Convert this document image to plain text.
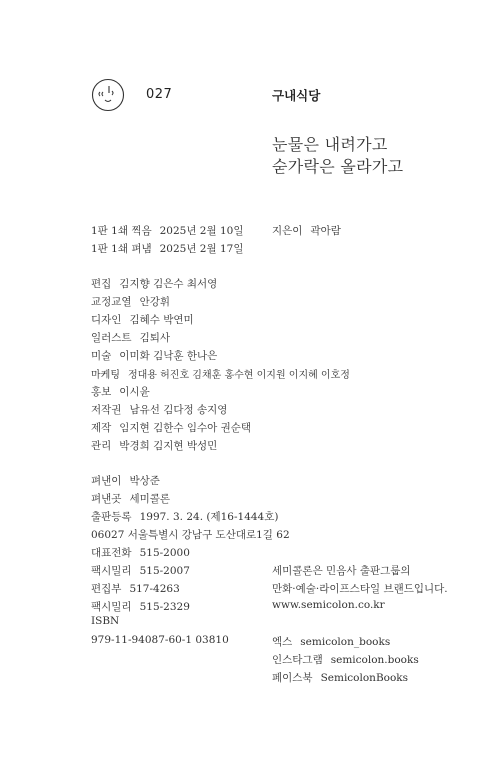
027	구내식당
눈물은 내려가고
숟가락은 올라가고
1판 1쇄 찍음 2025년 2월 10일
1판 1쇄 펴냄 2025년 2월 17일
지은이 곽아람
편집 김지향 김은수 최서영
교정교열 안강휘
디자인 김혜수 박연미
일러스트 김퇴사
미술 이미화 김낙훈 한나은
마케팅 정대용 허진호 김채훈 홍수현 이지원 이지혜 이호정
홍보 이시윤
저작권 남유선 김다정 송지영
제작 임지현 김한수 임수아 권순택
관리 박경희 김지현 박성민
펴낸이 박상준
펴낸곳 세미콜론
출판등록 1997. 3. 24. (제16-1444호)
06027 서울특별시 강남구 도산대로1길 62
대표전화 515-2000
팩시밀리 515-2007
편집부 517-4263
팩시밀리 515-2329
세미콜론은 민음사 출판그룹의
만화·예술·라이프스타일 브랜드입니다.
www.semicolon.co.kr
ISBN
979-11-94087-60-1 03810	엑스 semicolon_books
인스타그램 semicolon.books
페이스북 SemicolonBooks
